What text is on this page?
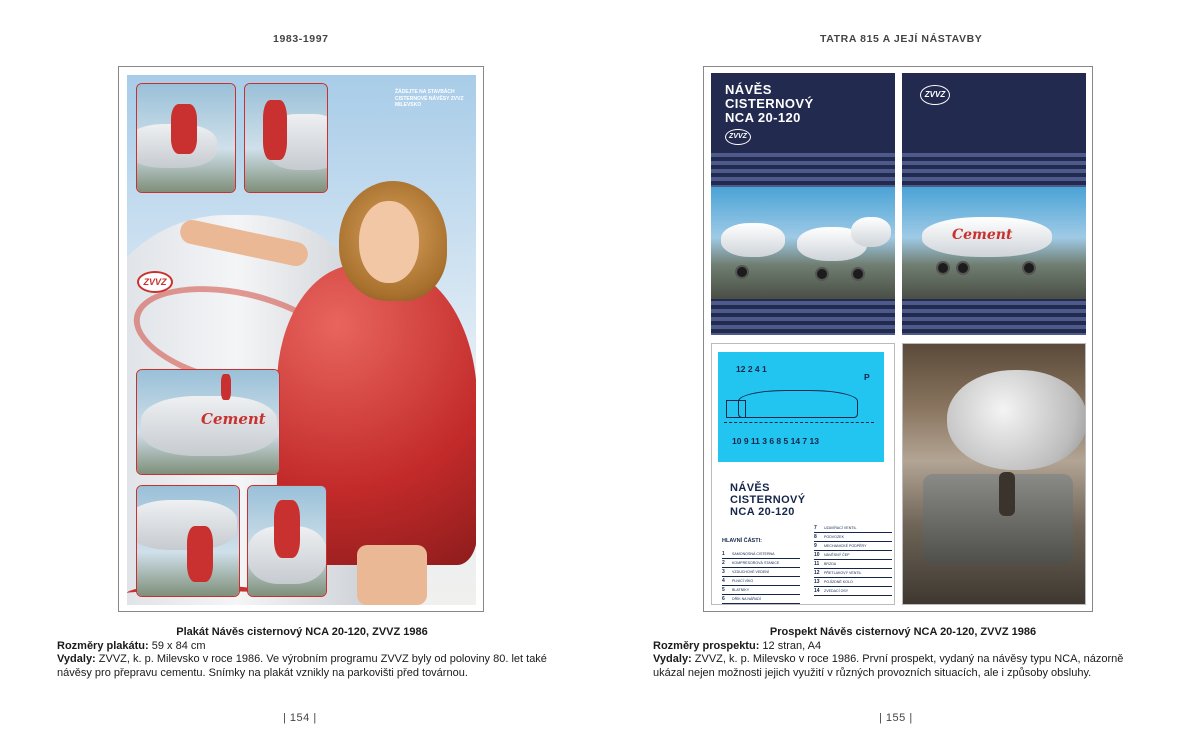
1983-1997
ZVVZ
ŽÁDEJTE NA STAVBÁCH CISTERNOVÉ NÁVĚSY ZVVZ MILEVSKO
Cement
Plakát Návěs cisternový NCA 20-120, ZVVZ 1986
Rozměry plakátu: 59 x 84 cm
Vydaly: ZVVZ, k. p. Milevsko v roce 1986. Ve výrobním programu ZVVZ byly od poloviny 80. let také návěsy pro přepravu cementu. Snímky na plakát vznikly na parkovišti před továrnou.
| 154 |
TATRA 815 A JEJÍ NÁSTAVBY
NÁVĚS
CISTERNOVÝ
NCA 20-120
ZVVZ
ZVVZ
Cement
12 2 4 1
P
10 9 11 3 6 8 5 14 7 13
NÁVĚS
CISTERNOVÝ
NCA 20-120
HLAVNÍ ČÁSTI:
1	SAMONOSNÁ CISTERNA
2	KOMPRESOROVÁ STANICE
3	VZDUCHOVÉ VEDENÍ
4	PLNICÍ VÍKO
5	BLATNÍKY
6	DŘÍK NA NÁŘADÍ
7	UZAVÍRACÍ VENTIL
8	PODVOZEK
9	MECHANICKÉ PODPĚRY
10	NÁVĚSNÝ ČEP
11	BRZDA
12	PŘETLAKOVÝ VENTIL
13	POJÍZDNÉ KOLO
14	ZVEDACÍ OSY
Prospekt Návěs cisternový NCA 20-120, ZVVZ 1986
Rozměry prospektu: 12 stran, A4
Vydaly: ZVVZ, k. p. Milevsko v roce 1986. První prospekt, vydaný na návěsy typu NCA, názorně ukázal nejen možnosti jejich využití v různých provozních situacích, ale i způsoby obsluhy.
| 155 |
